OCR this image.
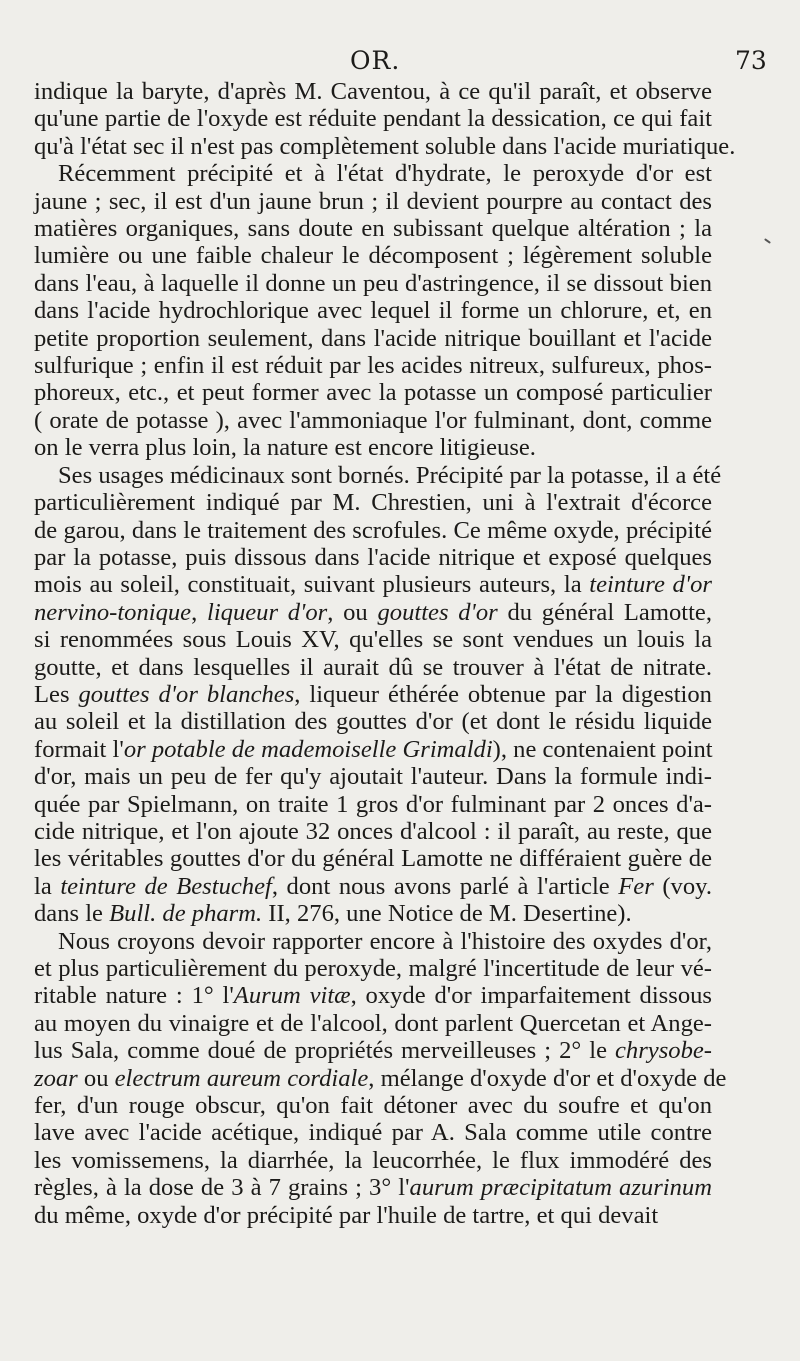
OR.	73
indique la baryte, d'après M. Caventou, à ce qu'il paraît, et observe
qu'une partie de l'oxyde est réduite pendant la dessication, ce qui fait
qu'à l'état sec il n'est pas complètement soluble dans l'acide muriatique.
Récemment précipité et à l'état d'hydrate, le peroxyde d'or est
jaune ; sec, il est d'un jaune brun ; il devient pourpre au contact des
matières organiques, sans doute en subissant quelque altération ; la
lumière ou une faible chaleur le décomposent ; légèrement soluble
dans l'eau, à laquelle il donne un peu d'astringence, il se dissout bien
dans l'acide hydrochlorique avec lequel il forme un chlorure, et, en
petite proportion seulement, dans l'acide nitrique bouillant et l'acide
sulfurique ; enfin il est réduit par les acides nitreux, sulfureux, phos-
phoreux, etc., et peut former avec la potasse un composé particulier
( orate de potasse ), avec l'ammoniaque l'or fulminant, dont, comme
on le verra plus loin, la nature est encore litigieuse.
Ses usages médicinaux sont bornés. Précipité par la potasse, il a été
particulièrement indiqué par M. Chrestien, uni à l'extrait d'écorce
de garou, dans le traitement des scrofules. Ce même oxyde, précipité
par la potasse, puis dissous dans l'acide nitrique et exposé quelques
mois au soleil, constituait, suivant plusieurs auteurs, la teinture d'or
nervino-tonique, liqueur d'or, ou gouttes d'or du général Lamotte,
si renommées sous Louis XV, qu'elles se sont vendues un louis la
goutte, et dans lesquelles il aurait dû se trouver à l'état de nitrate.
Les gouttes d'or blanches, liqueur éthérée obtenue par la digestion
au soleil et la distillation des gouttes d'or (et dont le résidu liquide
formait l'or potable de mademoiselle Grimaldi), ne contenaient point
d'or, mais un peu de fer qu'y ajoutait l'auteur. Dans la formule indi-
quée par Spielmann, on traite 1 gros d'or fulminant par 2 onces d'a-
cide nitrique, et l'on ajoute 32 onces d'alcool : il paraît, au reste, que
les véritables gouttes d'or du général Lamotte ne différaient guère de
la teinture de Bestuchef, dont nous avons parlé à l'article Fer (voy.
dans le Bull. de pharm. II, 276, une Notice de M. Desertine).
Nous croyons devoir rapporter encore à l'histoire des oxydes d'or,
et plus particulièrement du peroxyde, malgré l'incertitude de leur vé-
ritable nature : 1° l'Aurum vitæ, oxyde d'or imparfaitement dissous
au moyen du vinaigre et de l'alcool, dont parlent Quercetan et Ange-
lus Sala, comme doué de propriétés merveilleuses ; 2° le chrysobe-
zoar ou electrum aureum cordiale, mélange d'oxyde d'or et d'oxyde de
fer, d'un rouge obscur, qu'on fait détoner avec du soufre et qu'on
lave avec l'acide acétique, indiqué par A. Sala comme utile contre
les vomissemens, la diarrhée, la leucorrhée, le flux immodéré des
règles, à la dose de 3 à 7 grains ; 3° l'aurum præcipitatum azurinum
du même, oxyde d'or précipité par l'huile de tartre, et qui devait
